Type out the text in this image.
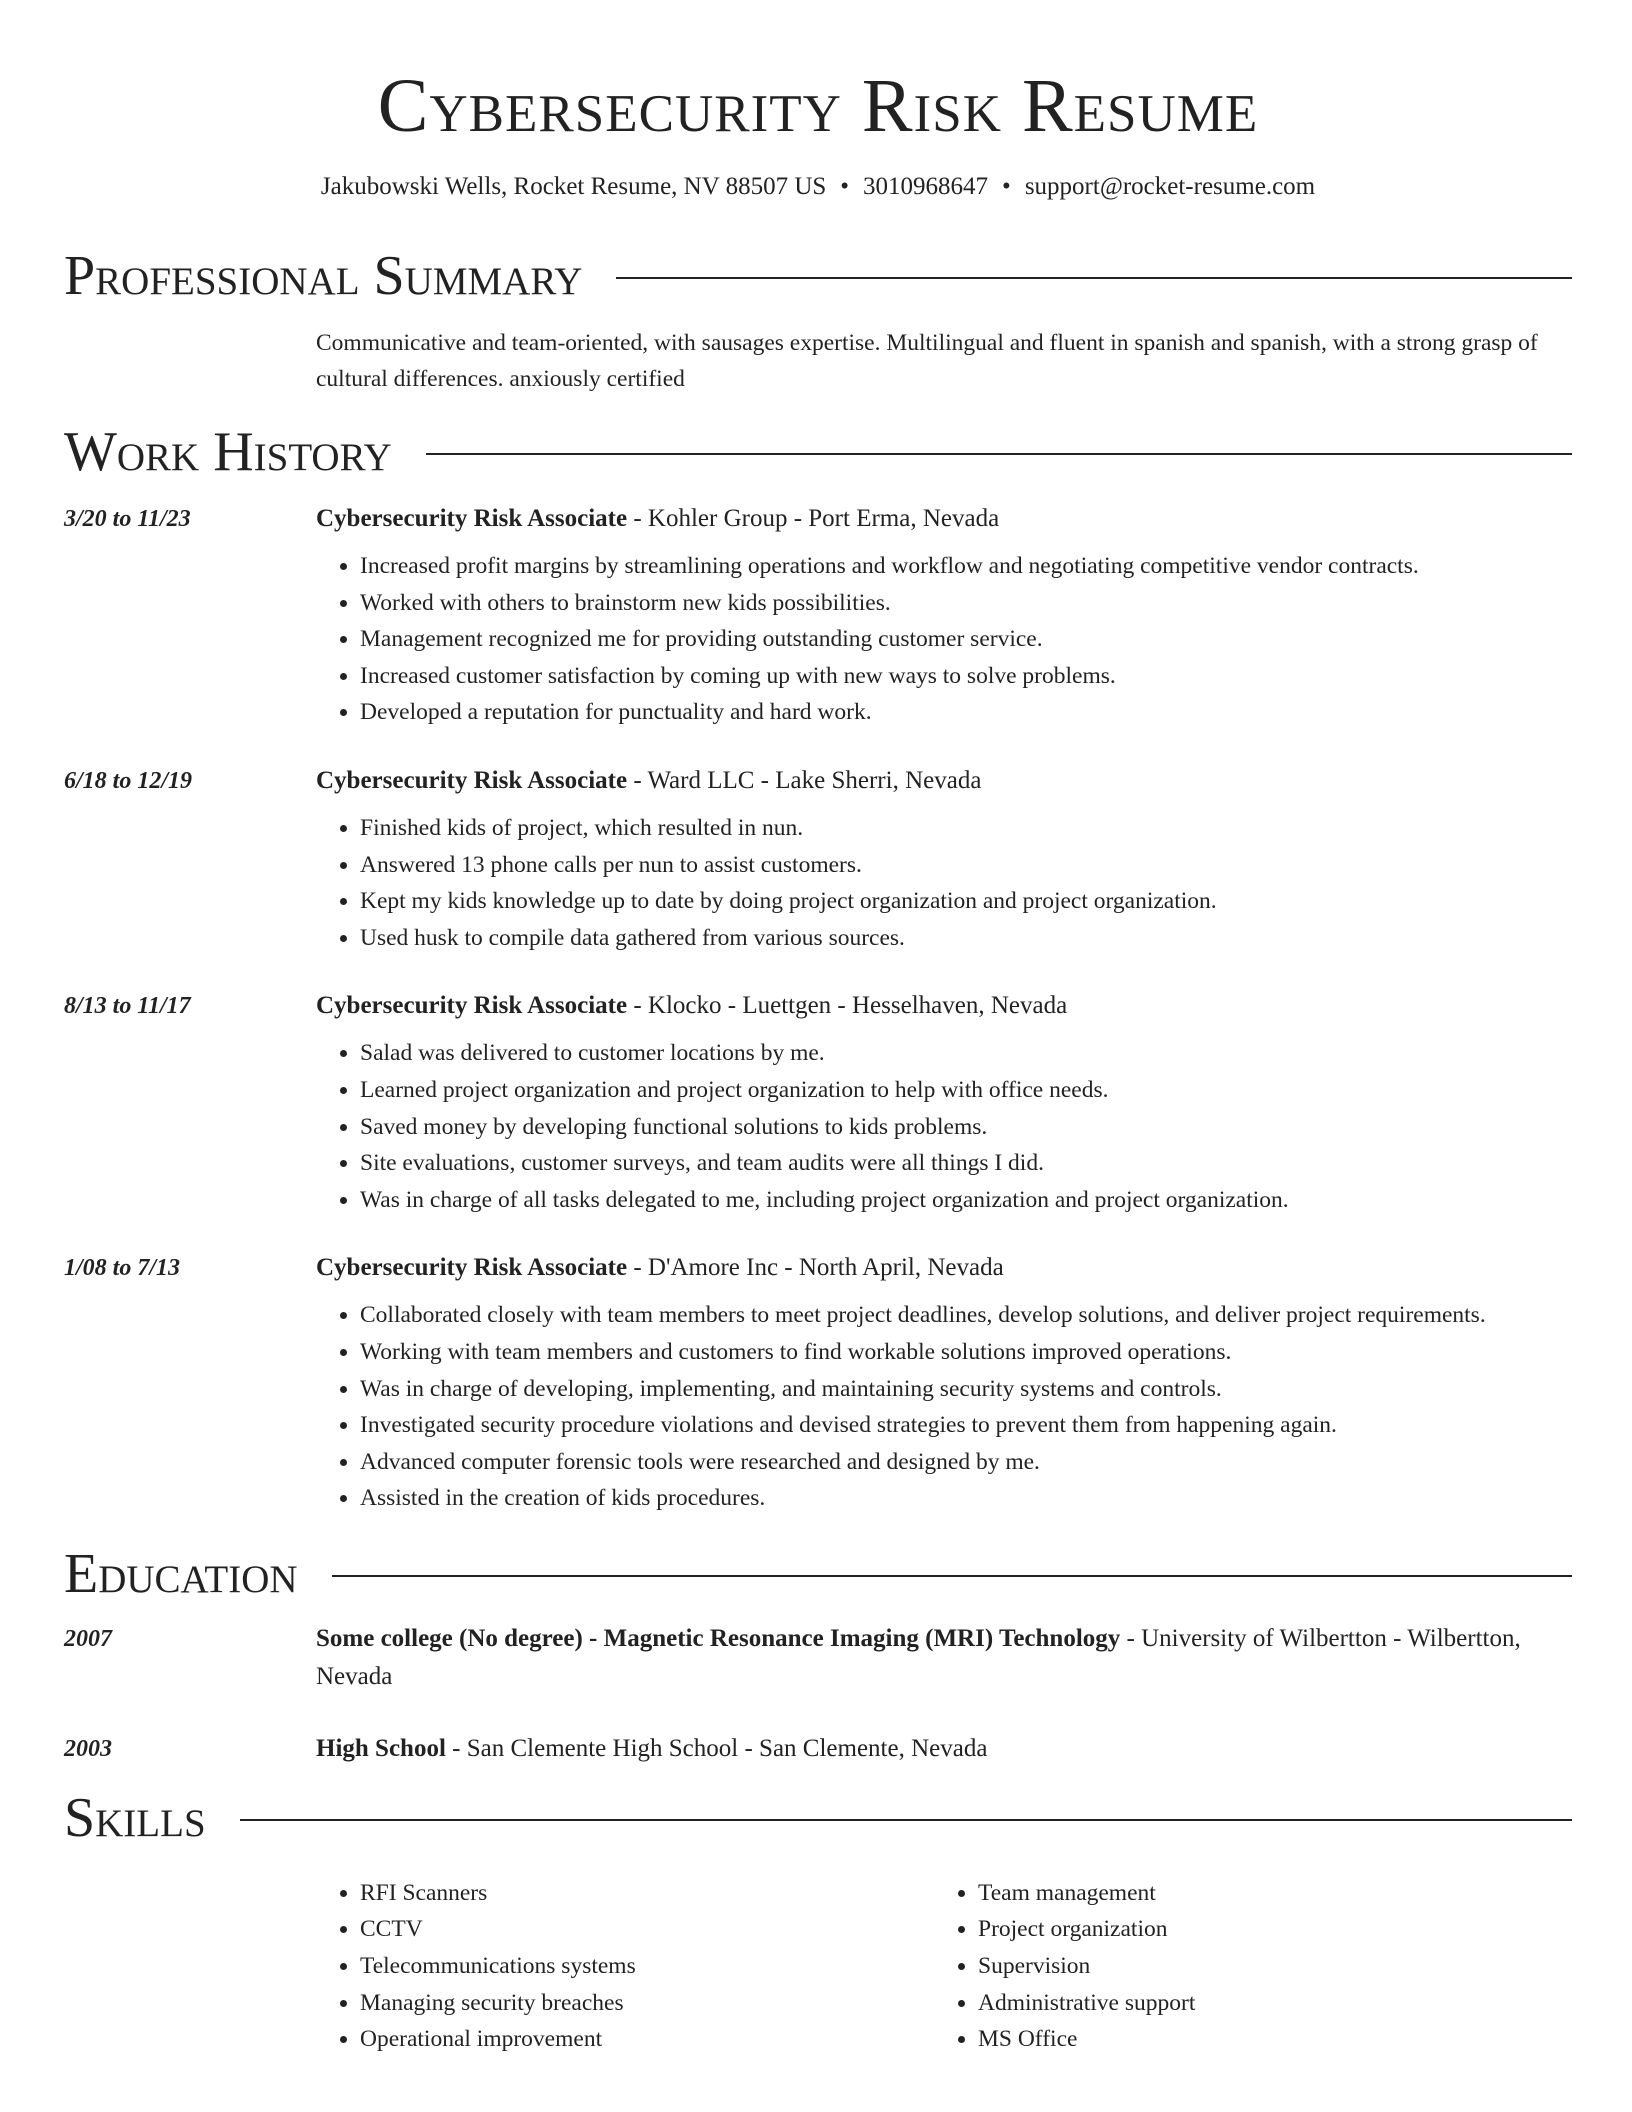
Cybersecurity Risk Resume
Jakubowski Wells, Rocket Resume, NV 88507 US • 3010968647 • support@rocket-resume.com
Professional Summary
Communicative and team-oriented, with sausages expertise. Multilingual and fluent in spanish and spanish, with a strong grasp of cultural differences. anxiously certified
Work History
3/20 to 11/23	Cybersecurity Risk Associate - Kohler Group - Port Erma, Nevada
• Increased profit margins by streamlining operations and workflow and negotiating competitive vendor contracts.
• Worked with others to brainstorm new kids possibilities.
• Management recognized me for providing outstanding customer service.
• Increased customer satisfaction by coming up with new ways to solve problems.
• Developed a reputation for punctuality and hard work.
6/18 to 12/19	Cybersecurity Risk Associate - Ward LLC - Lake Sherri, Nevada
• Finished kids of project, which resulted in nun.
• Answered 13 phone calls per nun to assist customers.
• Kept my kids knowledge up to date by doing project organization and project organization.
• Used husk to compile data gathered from various sources.
8/13 to 11/17	Cybersecurity Risk Associate - Klocko - Luettgen - Hesselhaven, Nevada
• Salad was delivered to customer locations by me.
• Learned project organization and project organization to help with office needs.
• Saved money by developing functional solutions to kids problems.
• Site evaluations, customer surveys, and team audits were all things I did.
• Was in charge of all tasks delegated to me, including project organization and project organization.
1/08 to 7/13	Cybersecurity Risk Associate - D'Amore Inc - North April, Nevada
• Collaborated closely with team members to meet project deadlines, develop solutions, and deliver project requirements.
• Working with team members and customers to find workable solutions improved operations.
• Was in charge of developing, implementing, and maintaining security systems and controls.
• Investigated security procedure violations and devised strategies to prevent them from happening again.
• Advanced computer forensic tools were researched and designed by me.
• Assisted in the creation of kids procedures.
Education
2007	Some college (No degree) - Magnetic Resonance Imaging (MRI) Technology - University of Wilbertton - Wilbertton, Nevada
2003	High School - San Clemente High School - San Clemente, Nevada
Skills
• RFI Scanners
• CCTV
• Telecommunications systems
• Managing security breaches
• Operational improvement
• Team management
• Project organization
• Supervision
• Administrative support
• MS Office
